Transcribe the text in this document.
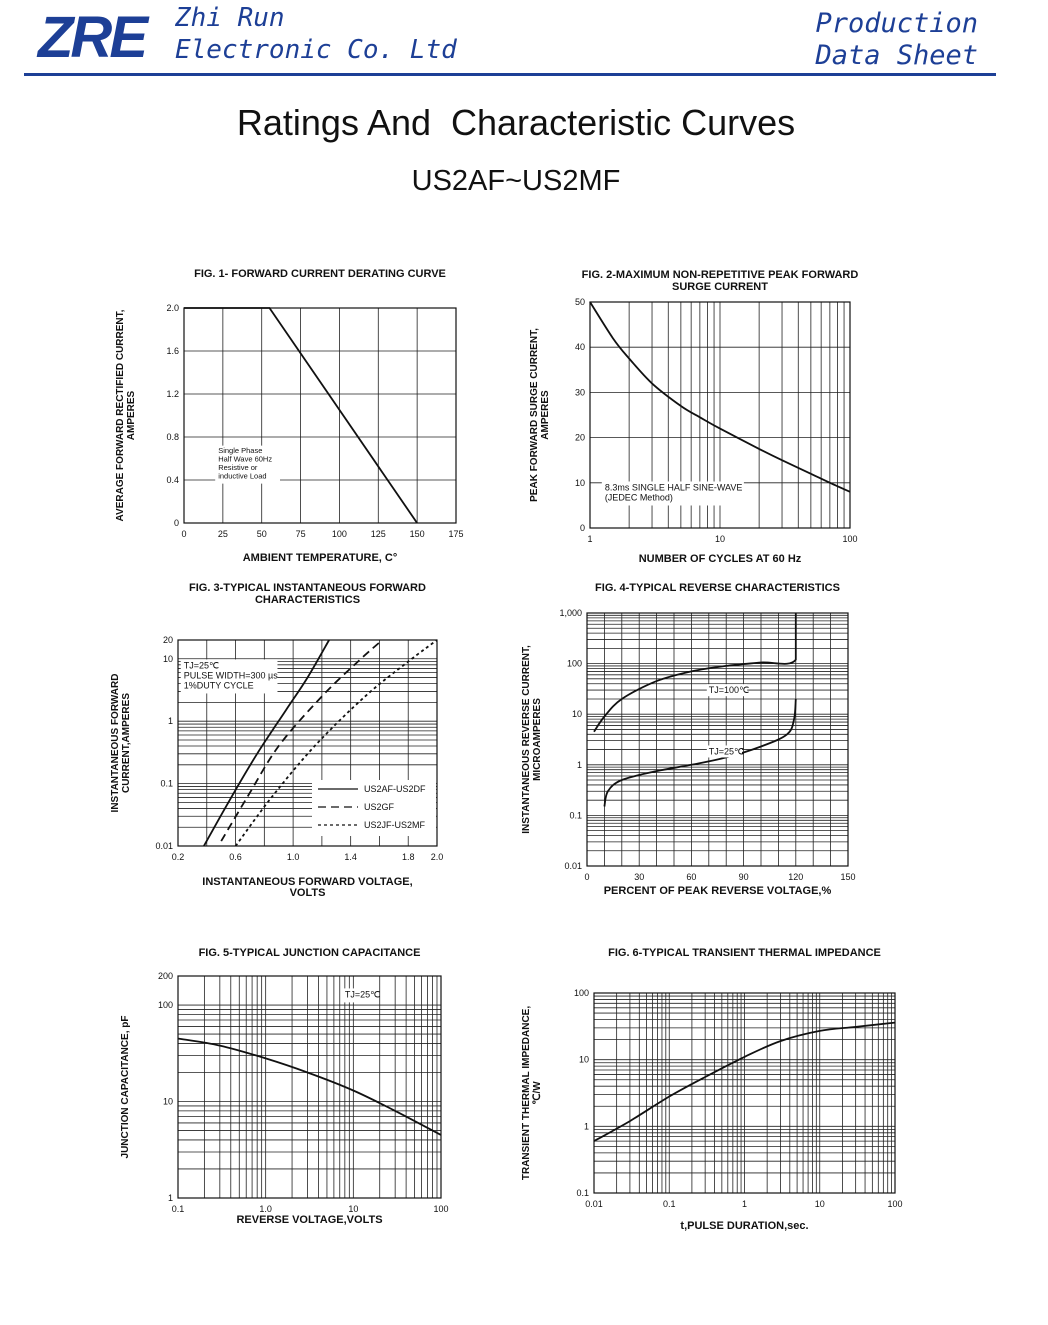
ZRE Zhi Run
Electronic Co. Ltd
Production
Data Sheet
Ratings And  Characteristic Curves
US2AF~US2MF
FIG. 1- FORWARD CURRENT DERATING CURVE
0	25	50	75	100	125	150	175
0
0.4
0.8
1.2
1.6
2.0
AMBIENT TEMPERATURE, C°
AVERAGE FORWARD RECTIFIED CURRENT, AMPERES
Single Phase
Half Wave 60Hz
Resistive or
inductive Load
FIG. 2-MAXIMUM NON-REPETITIVE PEAK FORWARD
SURGE CURRENT
1	10	100
0
10
20
30
40
50
NUMBER OF CYCLES AT 60 Hz
PEAK FORWARD SURGE CURRENT, AMPERES
8.3ms SINGLE HALF SINE-WAVE
(JEDEC Method)
FIG. 3-TYPICAL INSTANTANEOUS FORWARD
CHARACTERISTICS
0.2	0.6	1.0	1.4	1.8 2.0
0.01
0.1
1
10
20
INSTANTANEOUS FORWARD VOLTAGE,
VOLTS
INSTANTANEOUS FORWARD CURRENT,AMPERES
TJ=25℃
PULSE WIDTH=300 µs
1%DUTY CYCLE
US2AF-US2DF
US2GF
US2JF-US2MF
FIG. 4-TYPICAL REVERSE CHARACTERISTICS
0	30	60	90	120	150
0.01
0.1
1
10
100
1,000
PERCENT OF PEAK REVERSE VOLTAGE,%
INSTANTANEOUS REVERSE CURRENT, MICROAMPERES
TJ=100℃
TJ=25℃
FIG. 5-TYPICAL JUNCTION CAPACITANCE
0.1	1.0	10	100
1
10
100
200
REVERSE VOLTAGE,VOLTS
JUNCTION CAPACITANCE, pF
TJ=25℃
FIG. 6-TYPICAL TRANSIENT THERMAL IMPEDANCE
0.01	0.1	1	10	100
0.1
1
10
100
t,PULSE DURATION,sec.
TRANSIENT THERMAL IMPEDANCE, ℃/W
